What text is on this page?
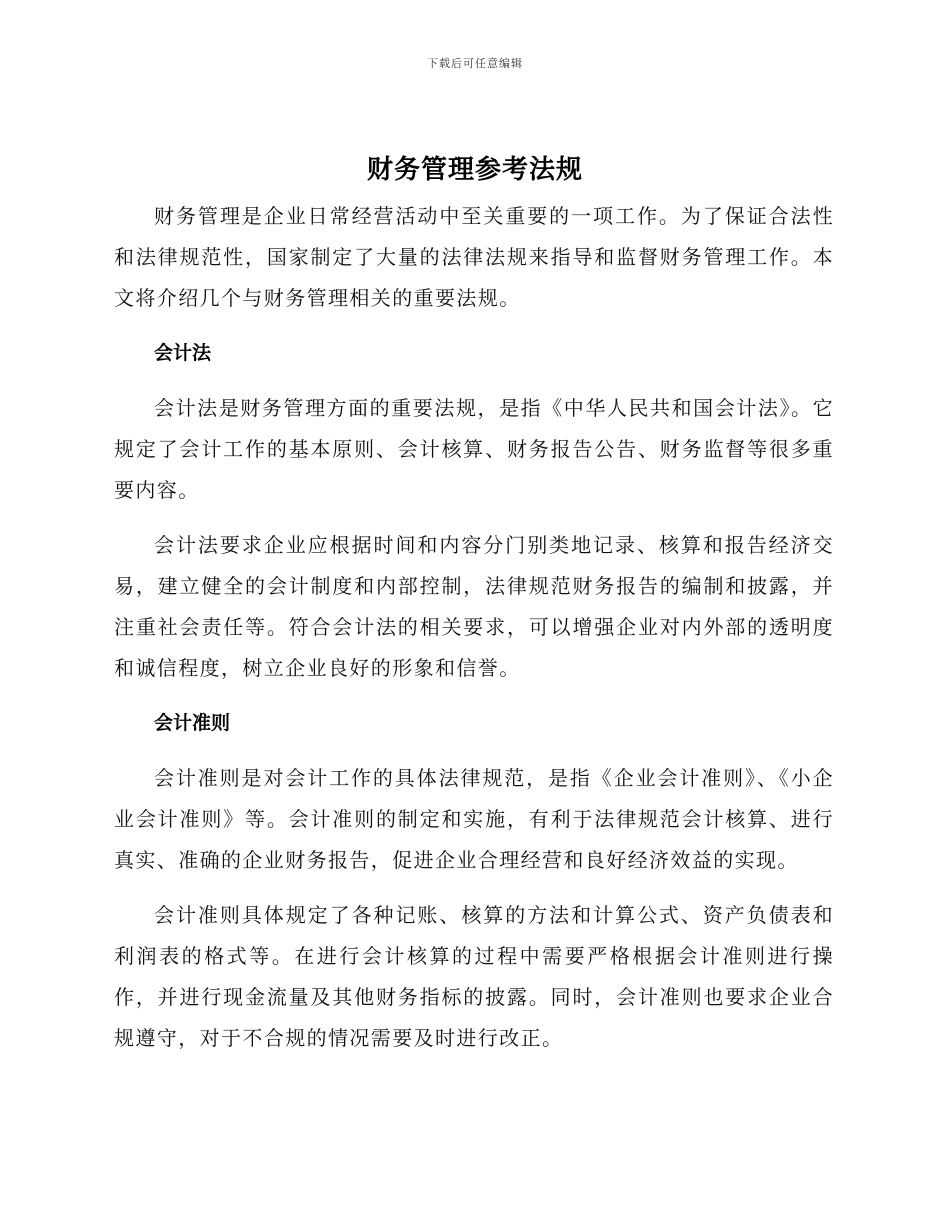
下载后可任意编辑
财务管理参考法规

财务管理是企业日常经营活动中至关重要的一项工作。为了保证合法性和法律规范性，国家制定了大量的法律法规来指导和监督财务管理工作。本文将介绍几个与财务管理相关的重要法规。

会计法

会计法是财务管理方面的重要法规，是指《中华人民共和国会计法》。它规定了会计工作的基本原则、会计核算、财务报告公告、财务监督等很多重要内容。

会计法要求企业应根据时间和内容分门别类地记录、核算和报告经济交易，建立健全的会计制度和内部控制，法律规范财务报告的编制和披露，并注重社会责任等。符合会计法的相关要求，可以增强企业对内外部的透明度和诚信程度，树立企业良好的形象和信誉。

会计准则

会计准则是对会计工作的具体法律规范，是指《企业会计准则》、《小企业会计准则》等。会计准则的制定和实施，有利于法律规范会计核算、进行真实、准确的企业财务报告，促进企业合理经营和良好经济效益的实现。

会计准则具体规定了各种记账、核算的方法和计算公式、资产负债表和利润表的格式等。在进行会计核算的过程中需要严格根据会计准则进行操作，并进行现金流量及其他财务指标的披露。同时，会计准则也要求企业合规遵守，对于不合规的情况需要及时进行改正。
